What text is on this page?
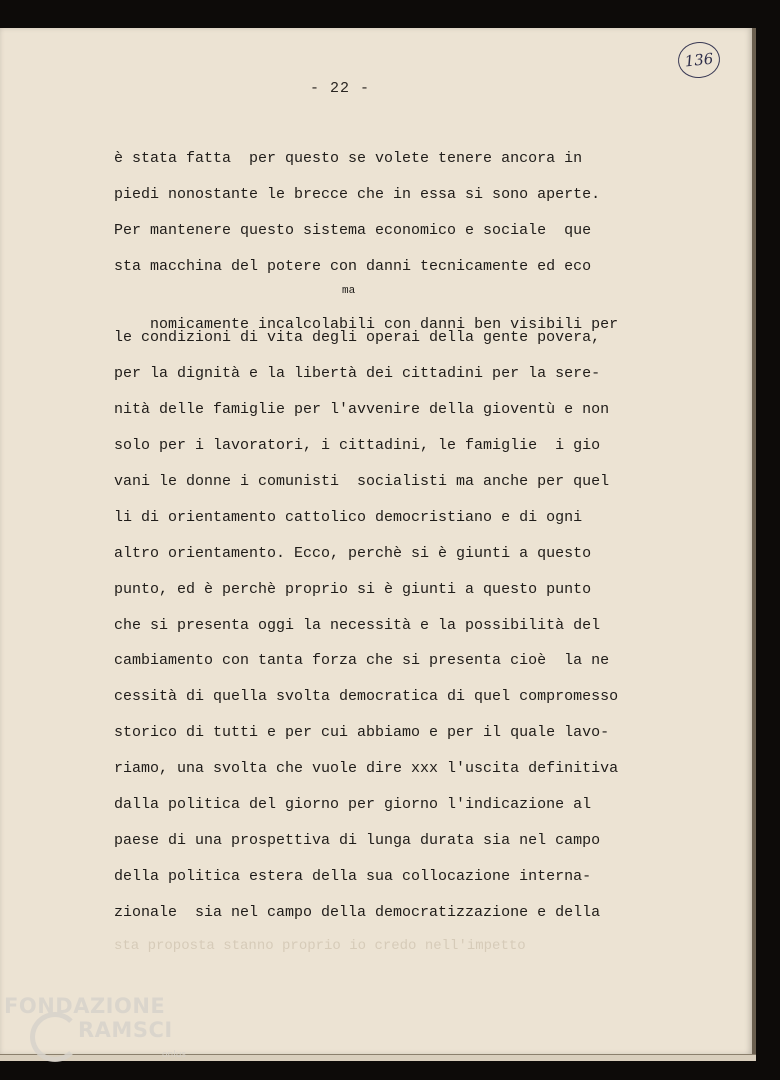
- 22 -
136
è stata fatta  per questo se volete tenere ancora in
piedi nonostante le brecce che in essa si sono aperte.
Per mantenere questo sistema economico e sociale  que
sta macchina del potere con danni tecnicamente ed eco

nomicamente incalcolabili con danni ben visibili per

ma

le condizioni di vita degli operai della gente povera,
per la dignità e la libertà dei cittadini per la sere-
nità delle famiglie per l'avvenire della gioventù e non
solo per i lavoratori, i cittadini, le famiglie  i gio
vani le donne i comunisti  socialisti ma anche per quel
li di orientamento cattolico democristiano e di ogni
altro orientamento. Ecco, perchè si è giunti a questo
punto, ed è perchè proprio si è giunti a questo punto
che si presenta oggi la necessità e la possibilità del
cambiamento con tanta forza che si presenta cioè  la ne
cessità di quella svolta democratica di quel compromesso
storico di tutti e per cui abbiamo e per il quale lavo-
riamo, una svolta che vuole dire xxx l'uscita definitiva
dalla politica del giorno per giorno l'indicazione al
paese di una prospettiva di lunga durata sia nel campo
della politica estera della sua collocazione interna-
zionale  sia nel campo della democratizzazione e della
sta proposta stanno proprio io credo nell'impetto
FONDAZIONE
RAMSCI
onlus
